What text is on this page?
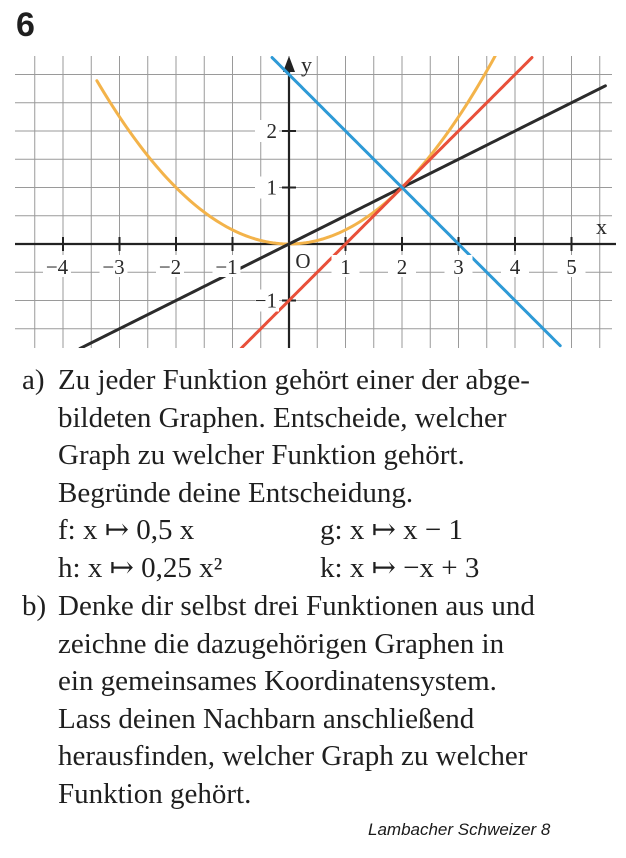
6
−4 −3 −2 −1	1 2 3 4 5
−1
1
2
O
y
x
a) Zu jeder Funktion gehört einer der abge-
bildeten Graphen. Entscheide, welcher
Graph zu welcher Funktion gehört.
Begründe deine Entscheidung.
f: x ↦ 0,5 x	g: x ↦ x − 1
h: x ↦ 0,25 x²	k: x ↦ −x + 3
b) Denke dir selbst drei Funktionen aus und
zeichne die dazugehörigen Graphen in
ein gemeinsames Koordinatensystem.
Lass deinen Nachbarn anschließend
herausfinden, welcher Graph zu welcher
Funktion gehört.
Lambacher Schweizer 8
